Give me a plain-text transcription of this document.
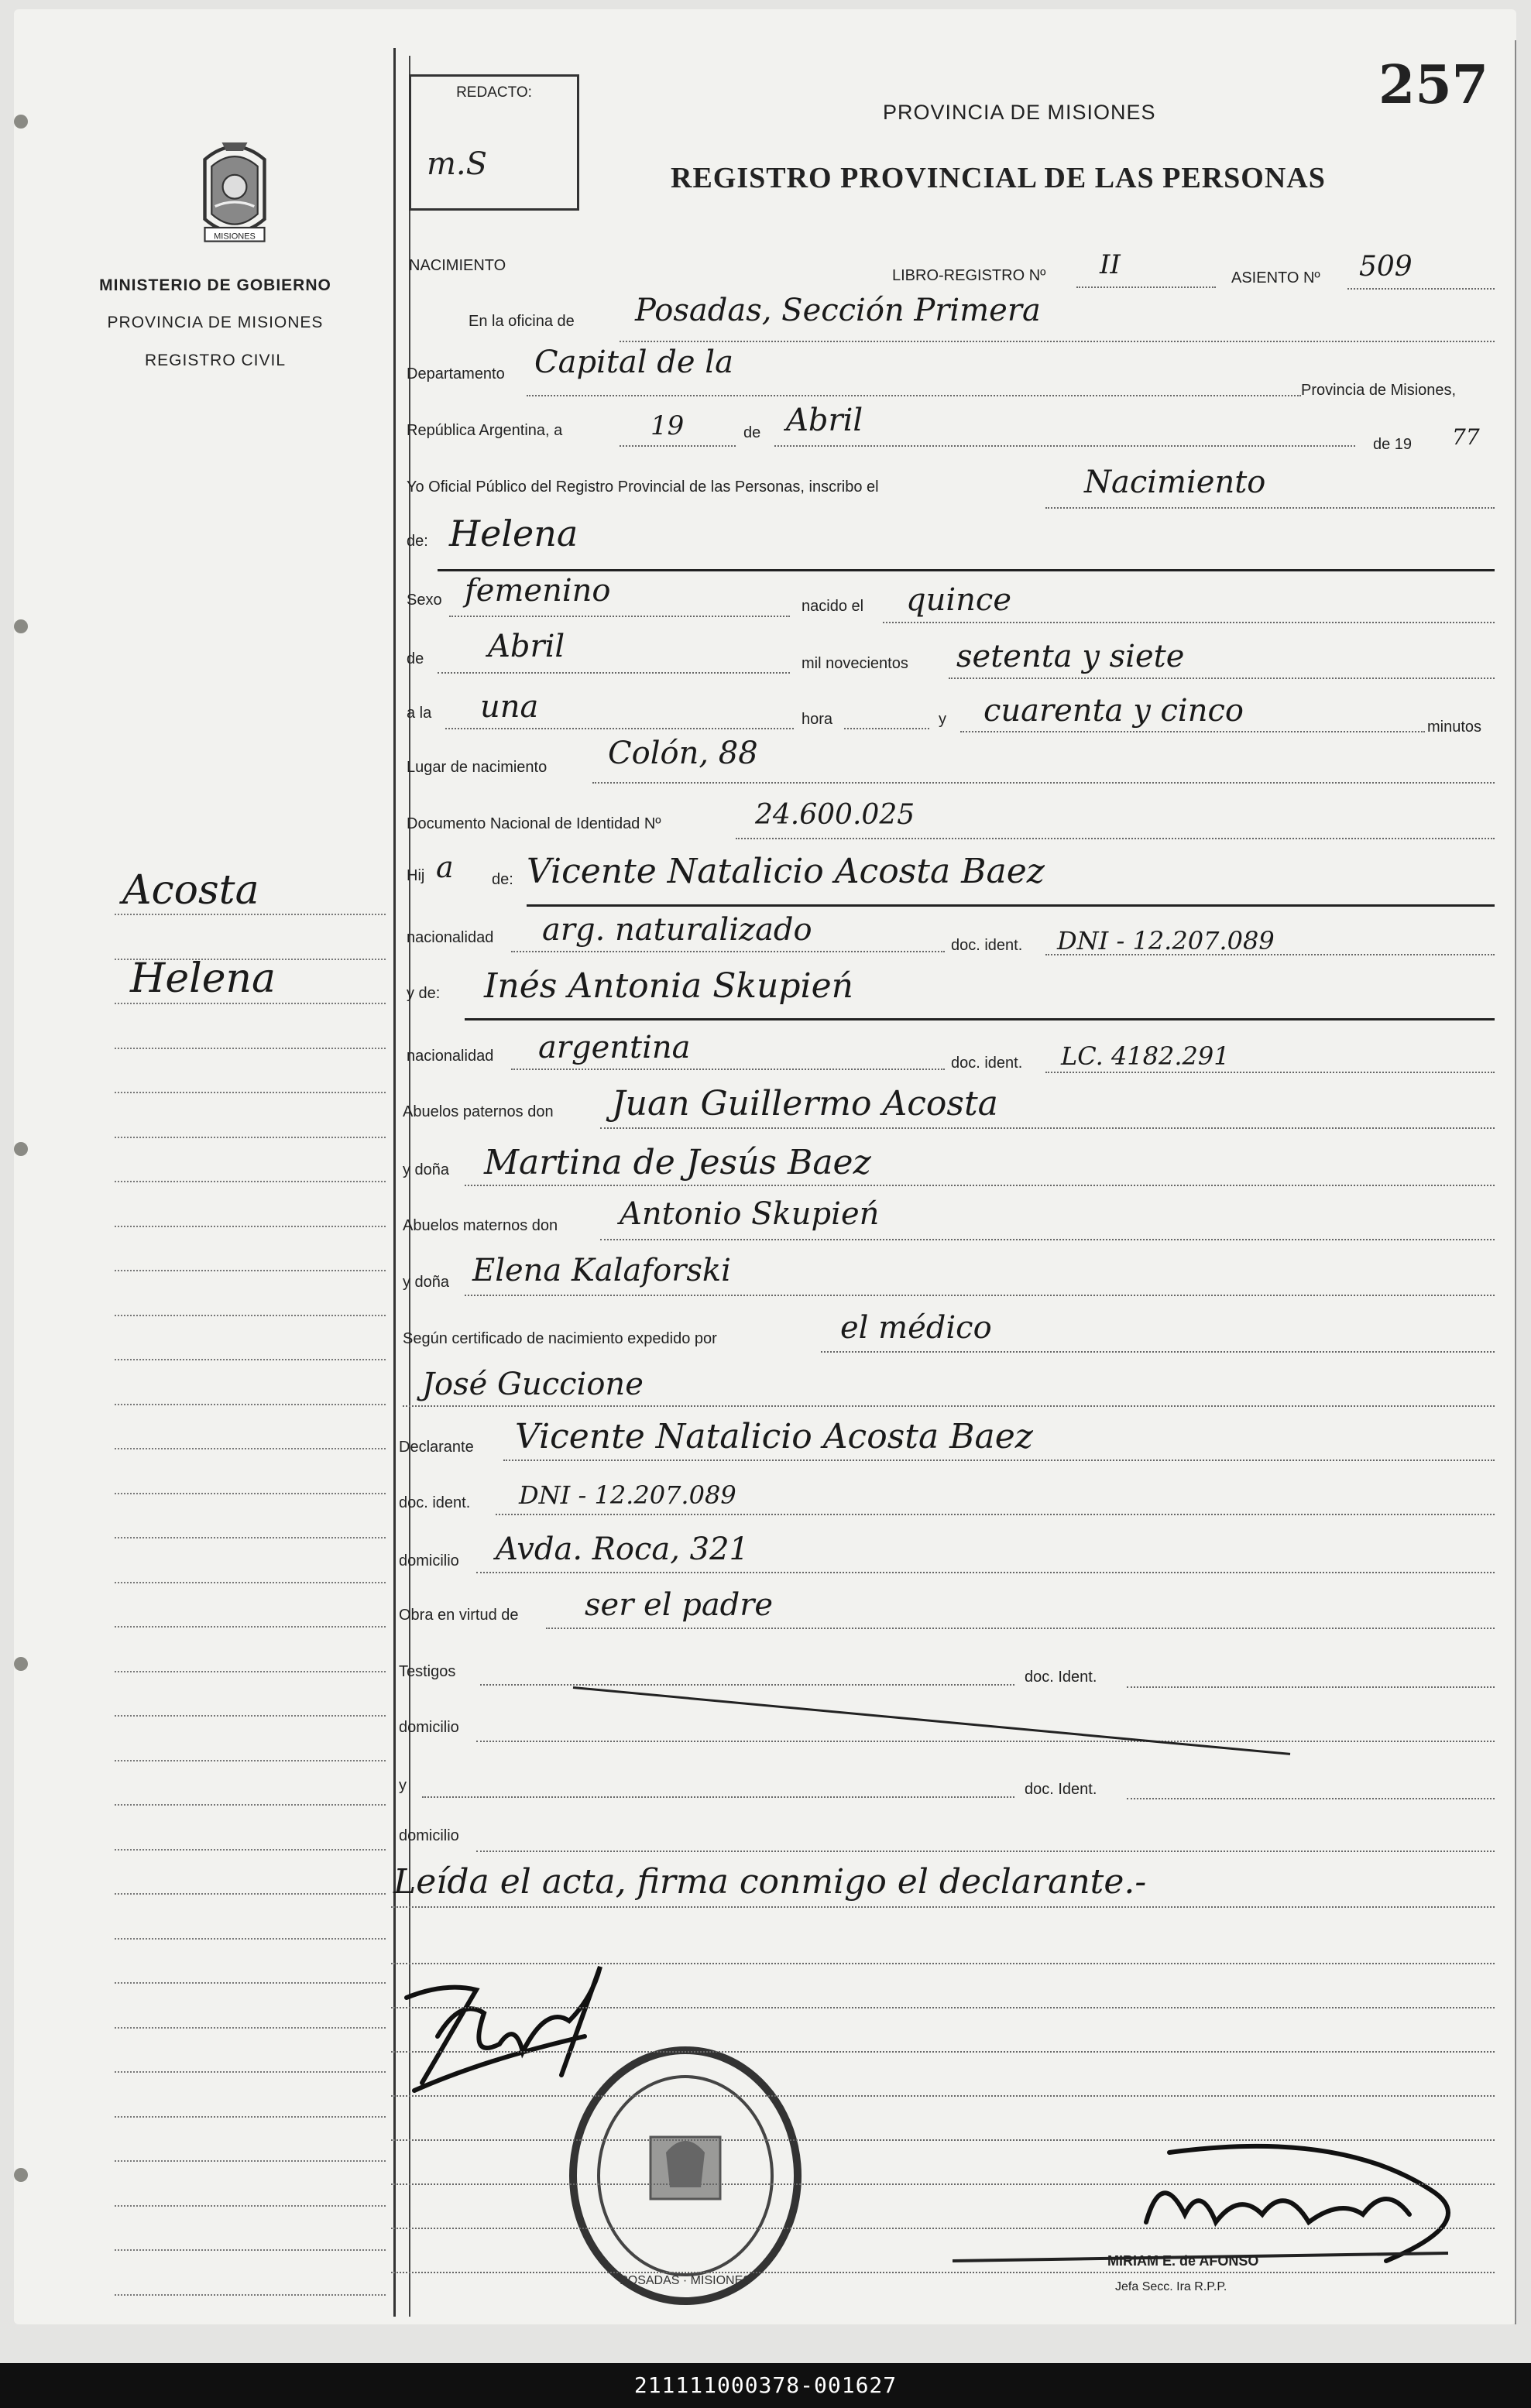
MISIONES
MINISTERIO DE GOBIERNO
PROVINCIA DE MISIONES
REGISTRO CIVIL
Acosta
Helena
REDACTO:
m.S
257
PROVINCIA DE MISIONES
REGISTRO PROVINCIAL DE LAS PERSONAS
NACIMIENTO
LIBRO-REGISTRO Nº II	ASIENTO Nº 509
En la oficina de Posadas, Sección Primera
Departamento Capital de la
Provincia de Misiones,
República Argentina, a	19	de Abril
de 19 77
Yo Oficial Público del Registro Provincial de las Personas, inscribo el	Nacimiento
de: Helena
Sexo femenino	nacido el quince
de Abril	mil novecientos setenta y siete
a la una	hora	y cuarenta y cinco	minutos
Lugar de nacimiento Colón, 88
Documento Nacional de Identidad Nº	24.600.025
Hij a de: Vicente Natalicio Acosta Baez
nacionalidad arg. naturalizado	doc. ident. DNI - 12.207.089
y de: Inés Antonia Skupień
nacionalidad argentina	doc. ident. LC. 4182.291
Abuelos paternos don Juan Guillermo Acosta
y doña Martina de Jesús Baez
Abuelos maternos don Antonio Skupień
y doña Elena Kalaforski
Según certificado de nacimiento expedido por	el médico
José Guccione
Declarante Vicente Natalicio Acosta Baez
doc. ident. DNI - 12.207.089
domicilio Avda. Roca, 321
Obra en virtud de ser el padre
Testigos	doc. Ident.
domicilio
y	doc. Ident.
domicilio
Leída el acta, firma conmigo el declarante.-
POSADAS · MISIONES
MIRIAM E. de AFONSO
Jefa Secc. Ira R.P.P.
211111000378-001627
